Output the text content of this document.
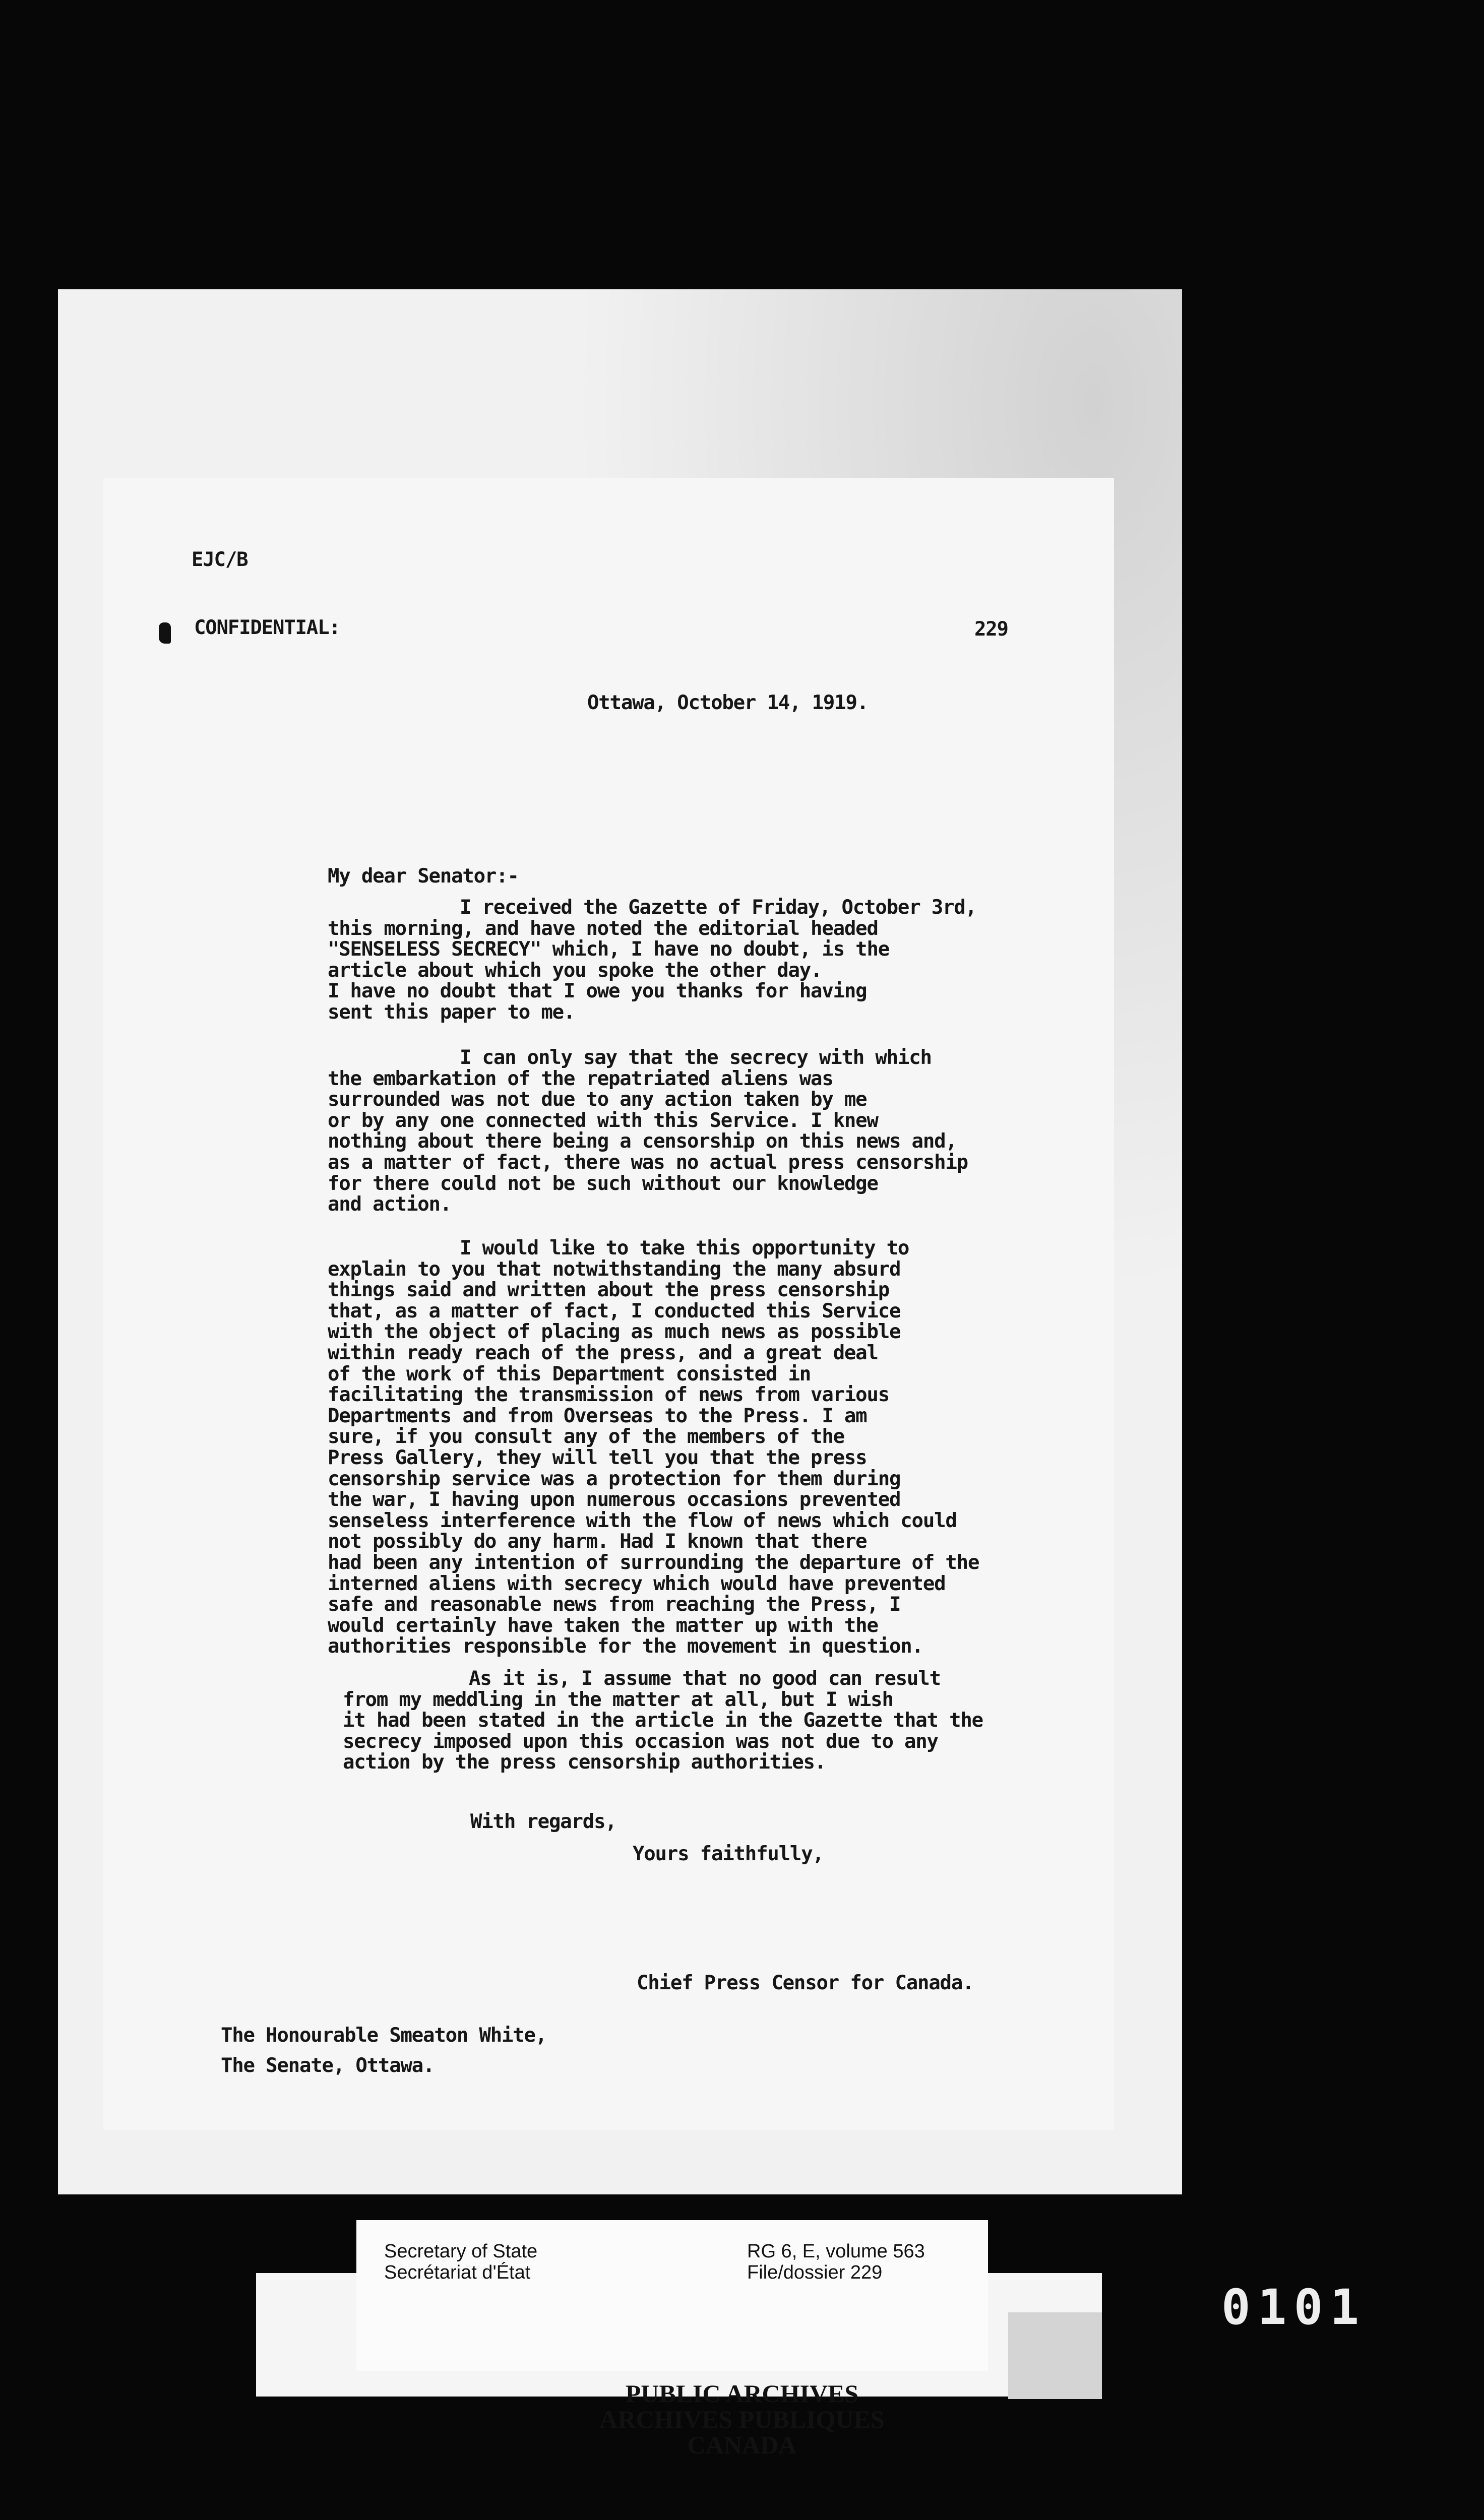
EJC/B
CONFIDENTIAL:	229
Ottawa, October 14, 1919.
My dear Senator:-
I received the Gazette of Friday, October 3rd,
this morning, and have noted the editorial headed
"SENSELESS SECRECY" which, I have no doubt, is the
article about which you spoke the other day.
I have no doubt that I owe you thanks for having
sent this paper to me.
I can only say that the secrecy with which
the embarkation of the repatriated aliens was
surrounded was not due to any action taken by me
or by any one connected with this Service. I knew
nothing about there being a censorship on this news and,
as a matter of fact, there was no actual press censorship
for there could not be such without our knowledge
and action.
I would like to take this opportunity to
explain to you that notwithstanding the many absurd
things said and written about the press censorship
that, as a matter of fact, I conducted this Service
with the object of placing as much news as possible
within ready reach of the press, and a great deal
of the work of this Department consisted in
facilitating the transmission of news from various
Departments and from Overseas to the Press. I am
sure, if you consult any of the members of the
Press Gallery, they will tell you that the press
censorship service was a protection for them during
the war, I having upon numerous occasions prevented
senseless interference with the flow of news which could
not possibly do any harm. Had I known that there
had been any intention of surrounding the departure of the
interned aliens with secrecy which would have prevented
safe and reasonable news from reaching the Press, I
would certainly have taken the matter up with the
authorities responsible for the movement in question.
As it is, I assume that no good can result
from my meddling in the matter at all, but I wish
it had been stated in the article in the Gazette that the
secrecy imposed upon this occasion was not due to any
action by the press censorship authorities.
With regards,
Yours faithfully,
Chief Press Censor for Canada.
The Honourable Smeaton White,
The Senate, Ottawa.
Secretary of State
Secrétariat d'État
RG 6, E, volume 563
File/dossier 229
PUBLIC ARCHIVES
ARCHIVES PUBLIQUES
CANADA
0101
